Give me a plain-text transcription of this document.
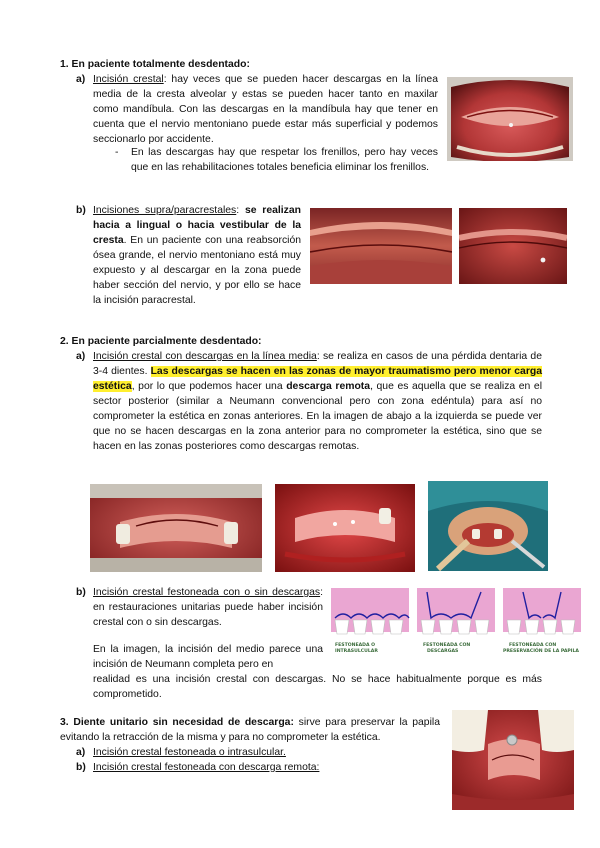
1. En paciente totalmente desdentado:
a) Incisión crestal: hay veces que se pueden hacer descargas en la línea media de la cresta alveolar y estas se pueden hacer tanto en maxilar como mandíbula. Con las descargas en la mandíbula hay que tener en cuenta que el nervio mentoniano puede estar más superficial y podemos seccionarlo por accidente.
- En las descargas hay que respetar los frenillos, pero hay veces que en las rehabilitaciones totales beneficia eliminar los frenillos.
b) Incisiones supra/paracrestales: se realizan hacia a lingual o hacia vestibular de la cresta. En un paciente con una reabsorción ósea grande, el nervio mentoniano está muy expuesto y al descargar en la zona puede haber sección del nervio, y por ello se hace la incisión paracrestal.
2. En paciente parcialmente desdentado:
a) Incisión crestal con descargas en la línea media: se realiza en casos de una pérdida dentaria de 3-4 dientes. Las descargas se hacen en las zonas de mayor traumatismo pero menor carga estética, por lo que podemos hacer una descarga remota, que es aquella que se realiza en el sector posterior (similar a Neumann convencional pero con zona edéntula) para así no comprometer la estética en zonas anteriores. En la imagen de abajo a la izquierda se puede ver que no se hacen descargas en la zona anterior para no comprometer la estética, sino que se hacen en las zonas posteriores como descargas remotas.
b) Incisión crestal festoneada con o sin descargas: en restauraciones unitarias puede haber incisión crestal con o sin descargas.
En la imagen, la incisión del medio parece una incisión de Neumann completa pero en
realidad es una incisión crestal con descargas. No se hace habitualmente porque es más comprometido.
FESTONEADA O
INTRASULCULAR
FESTONEADA CON
DESCARGAS
FESTONEADA CON
PRESERVACIÓN DE LA PAPILA
3. Diente unitario sin necesidad de descarga: sirve para preservar la papila evitando la retracción de la misma y para no comprometer la estética.
a) Incisión crestal festoneada o intrasulcular.
b) Incisión crestal festoneada con descarga remota:
